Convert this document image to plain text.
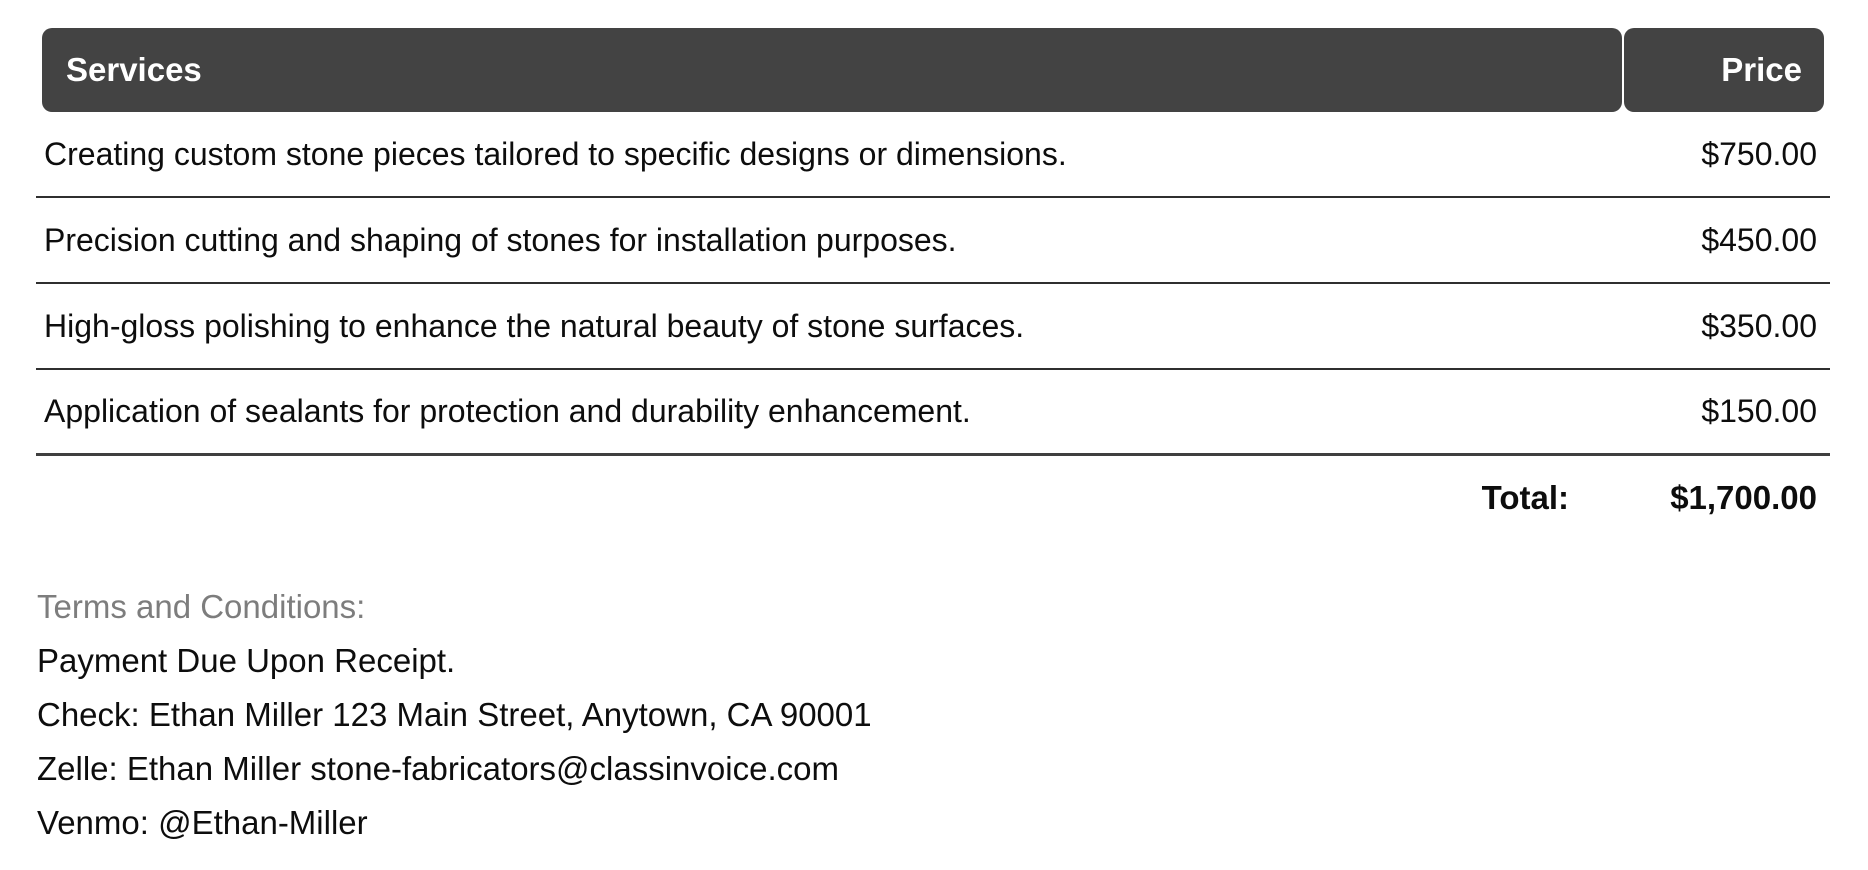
Services	Price
Creating custom stone pieces tailored to specific designs or dimensions.	$750.00
Precision cutting and shaping of stones for installation purposes.	$450.00
High-gloss polishing to enhance the natural beauty of stone surfaces.	$350.00
Application of sealants for protection and durability enhancement.	$150.00
Total:	$1,700.00
Terms and Conditions:
Payment Due Upon Receipt.
Check: Ethan Miller 123 Main Street, Anytown, CA 90001
Zelle: Ethan Miller stone-fabricators@classinvoice.com
Venmo: @Ethan-Miller
